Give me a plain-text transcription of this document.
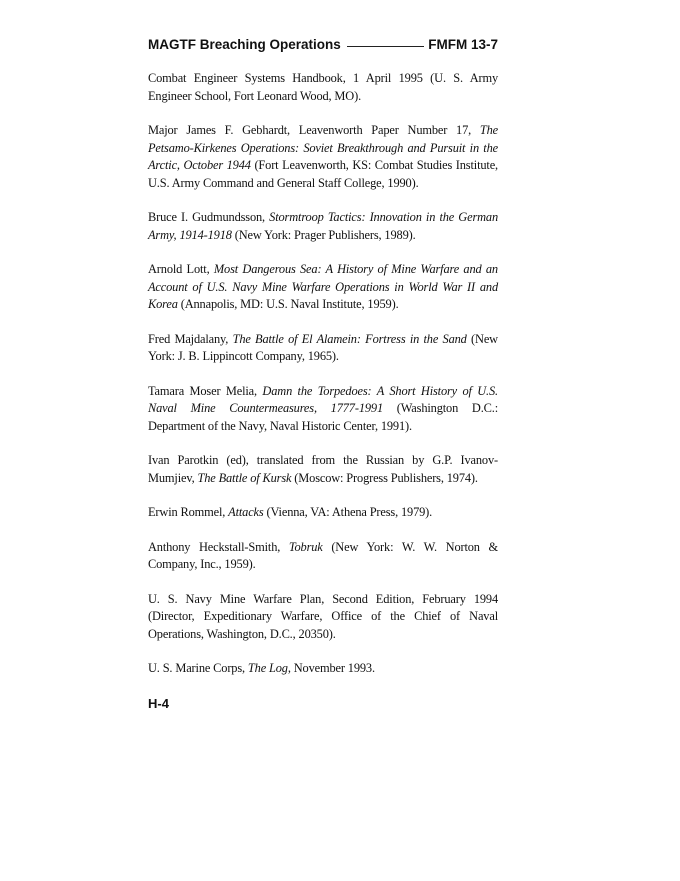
MAGTF Breaching Operations	FMFM 13-7

Combat Engineer Systems Handbook, 1 April 1995 (U. S. Army Engineer School, Fort Leonard Wood, MO).

Major James F. Gebhardt, Leavenworth Paper Number 17, The Petsamo-Kirkenes Operations: Soviet Breakthrough and Pursuit in the Arctic, October 1944 (Fort Leavenworth, KS: Combat Studies Institute, U.S. Army Command and General Staff College, 1990).

Bruce I. Gudmundsson, Stormtroop Tactics: Innovation in the German Army, 1914-1918 (New York: Prager Publishers, 1989).

Arnold Lott, Most Dangerous Sea: A History of Mine Warfare and an Account of U.S. Navy Mine Warfare Operations in World War II and Korea (Annapolis, MD: U.S. Naval Institute, 1959).

Fred Majdalany, The Battle of El Alamein: Fortress in the Sand (New York: J. B. Lippincott Company, 1965).

Tamara Moser Melia, Damn the Torpedoes: A Short History of U.S. Naval Mine Countermeasures, 1777-1991 (Washington D.C.: Department of the Navy, Naval Historic Center, 1991).

Ivan Parotkin (ed), translated from the Russian by G.P. Ivanov-Mumjiev, The Battle of Kursk (Moscow: Progress Publishers, 1974).

Erwin Rommel, Attacks (Vienna, VA: Athena Press, 1979).

Anthony Heckstall-Smith, Tobruk (New York: W. W. Norton & Company, Inc., 1959).

U. S. Navy Mine Warfare Plan, Second Edition, February 1994 (Director, Expeditionary Warfare, Office of the Chief of Naval Operations, Washington, D.C., 20350).

U. S. Marine Corps, The Log, November 1993.

H-4
